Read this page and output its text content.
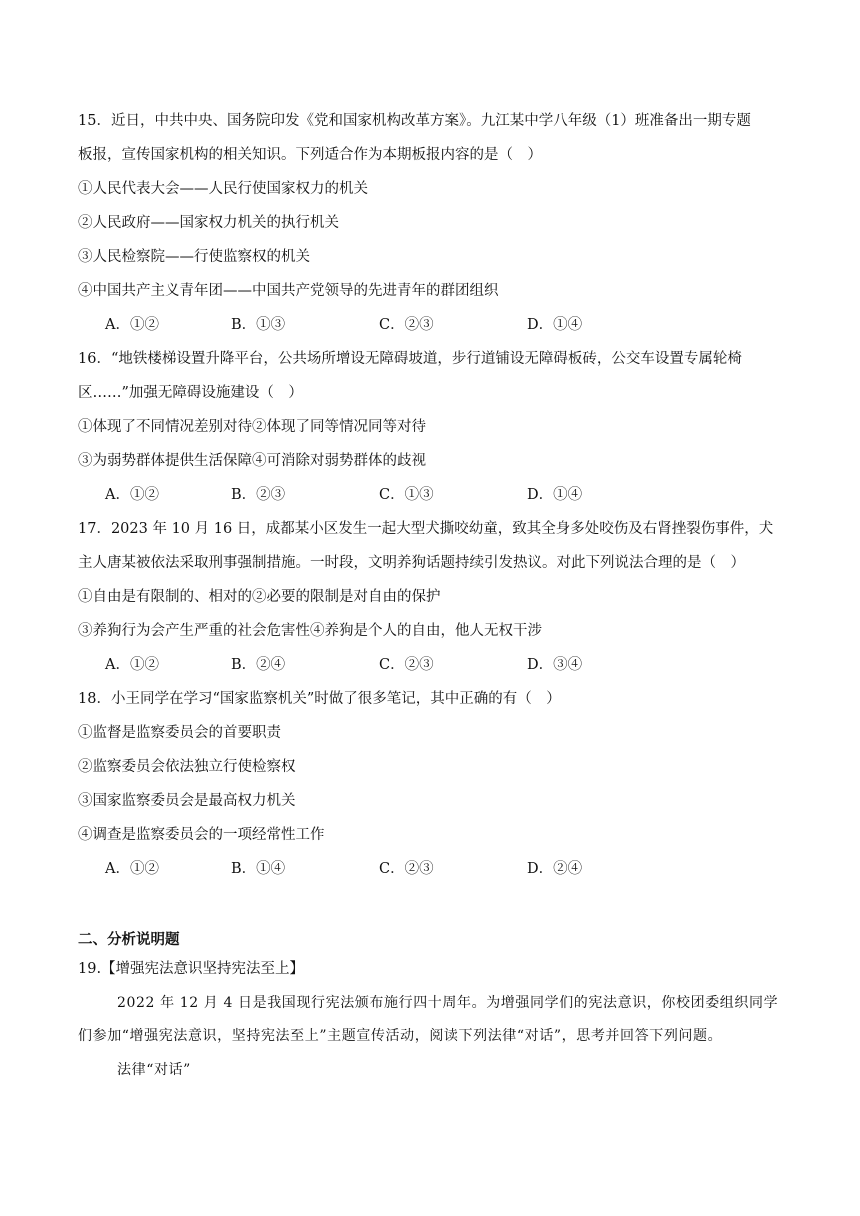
15．近日，中共中央、国务院印发《党和国家机构改革方案》。九江某中学八年级（1）班准备出一期专题
板报，宣传国家机构的相关知识。下列适合作为本期板报内容的是（　）
①人民代表大会——人民行使国家权力的机关
②人民政府——国家权力机关的执行机关
③人民检察院——行使监察权的机关
④中国共产主义青年团——中国共产党领导的先进青年的群团组织
A．①②	B．①③	C．②③	D．①④
16．“地铁楼梯设置升降平台，公共场所增设无障碍坡道，步行道铺设无障碍板砖，公交车设置专属轮椅
区……”加强无障碍设施建设（　）
①体现了不同情况差别对待②体现了同等情况同等对待
③为弱势群体提供生活保障④可消除对弱势群体的歧视
A．①②	B．②③	C．①③	D．①④
17．2023 年 10 月 16 日，成都某小区发生一起大型犬撕咬幼童，致其全身多处咬伤及右肾挫裂伤事件，犬
主人唐某被依法采取刑事强制措施。一时段，文明养狗话题持续引发热议。对此下列说法合理的是（　）
①自由是有限制的、相对的②必要的限制是对自由的保护
③养狗行为会产生严重的社会危害性④养狗是个人的自由，他人无权干涉
A．①②	B．②④	C．②③	D．③④
18．小王同学在学习“国家监察机关”时做了很多笔记，其中正确的有（　）
①监督是监察委员会的首要职责
②监察委员会依法独立行使检察权
③国家监察委员会是最高权力机关
④调查是监察委员会的一项经常性工作
A．①②	B．①④	C．②③	D．②④
二、分析说明题
19.【增强宪法意识坚持宪法至上】
2022 年 12 月 4 日是我国现行宪法颁布施行四十周年。为增强同学们的宪法意识，你校团委组织同学
们参加“增强宪法意识，坚持宪法至上”主题宣传活动，阅读下列法律“对话”，思考并回答下列问题。
法律“对话”
